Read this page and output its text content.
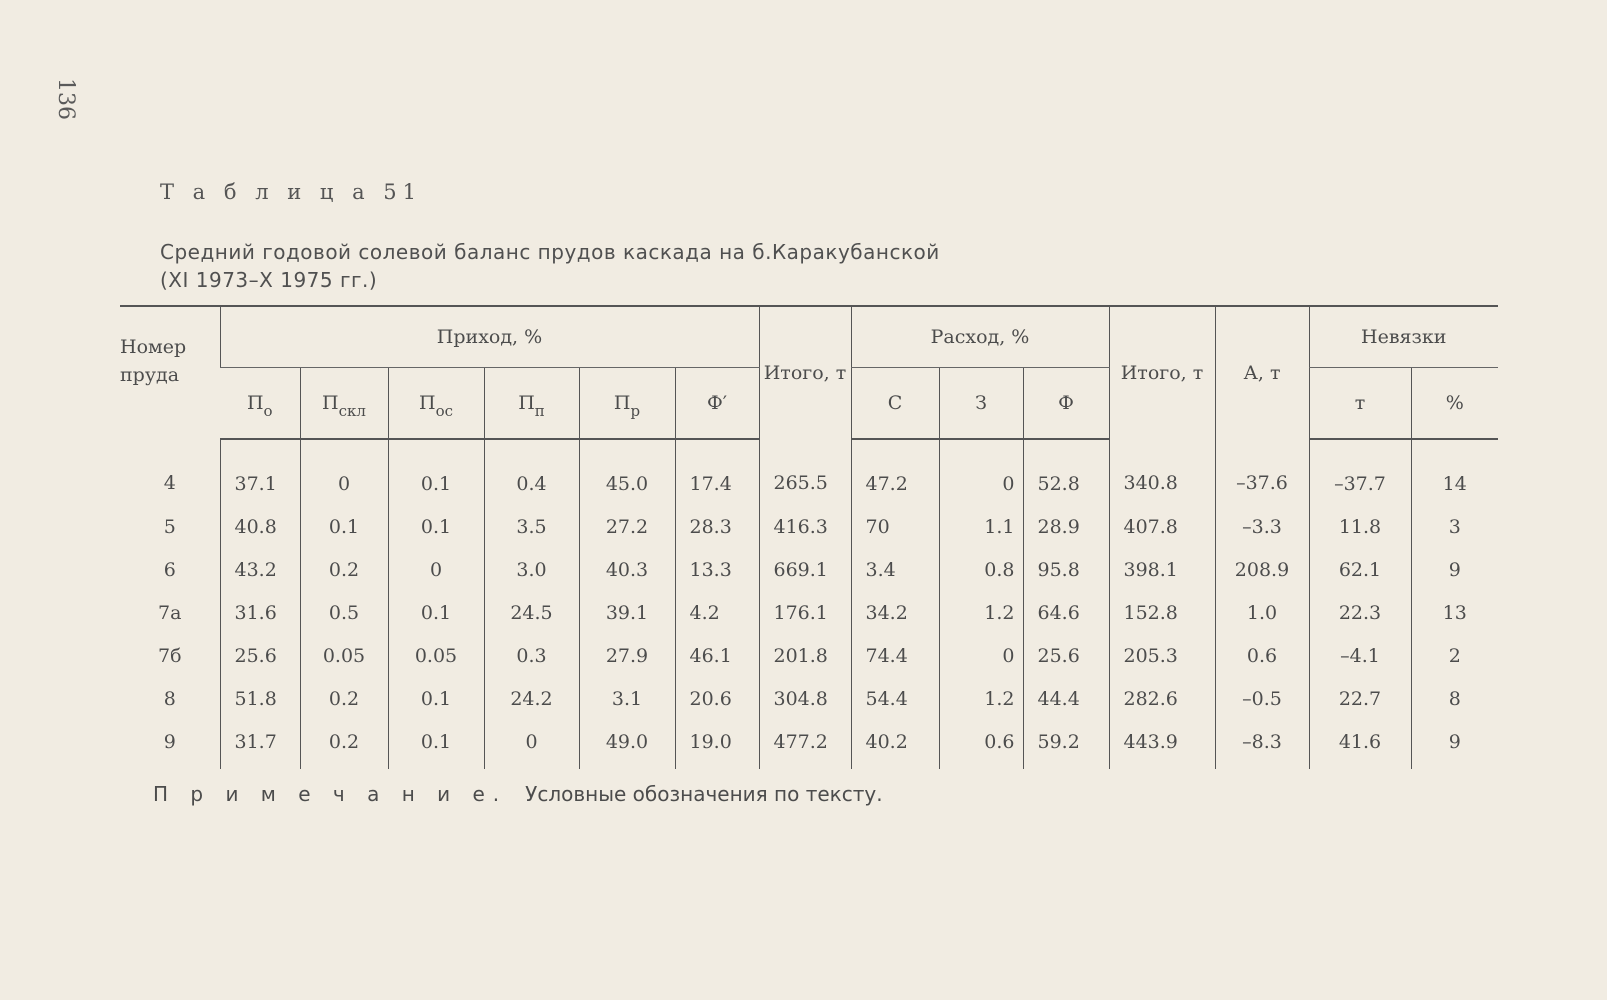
136
Т а б л и ц а 51
Средний годовой солевой баланс прудов каскада на б.Каракубанской
(XI 1973–X 1975 гг.)
Номер пруда	Приход, %						Итого, т	Расход, %			Итого, т	А, т	Невязки	
	$П_о$	$П_{скл}$	$П_{ос}$	$П_п$	$П_р$	Ф′		С	З	Ф			т	%
4	37.1	0	0.1	0.4	45.0	17.4	265.5	47.2	0	52.8	340.8	–37.6	–37.7	14
5	40.8	0.1	0.1	3.5	27.2	28.3	416.3	70	1.1	28.9	407.8	–3.3	11.8	3
6	43.2	0.2	0	3.0	40.3	13.3	669.1	3.4	0.8	95.8	398.1	208.9	62.1	9
7а	31.6	0.5	0.1	24.5	39.1	4.2	176.1	34.2	1.2	64.6	152.8	1.0	22.3	13
7б	25.6	0.05	0.05	0.3	27.9	46.1	201.8	74.4	0	25.6	205.3	0.6	–4.1	2
8	51.8	0.2	0.1	24.2	3.1	20.6	304.8	54.4	1.2	44.4	282.6	–0.5	22.7	8
9	31.7	0.2	0.1	0	49.0	19.0	477.2	40.2	0.6	59.2	443.9	–8.3	41.6	9
П р и м е ч а н и е. Условные обозначения по тексту.
